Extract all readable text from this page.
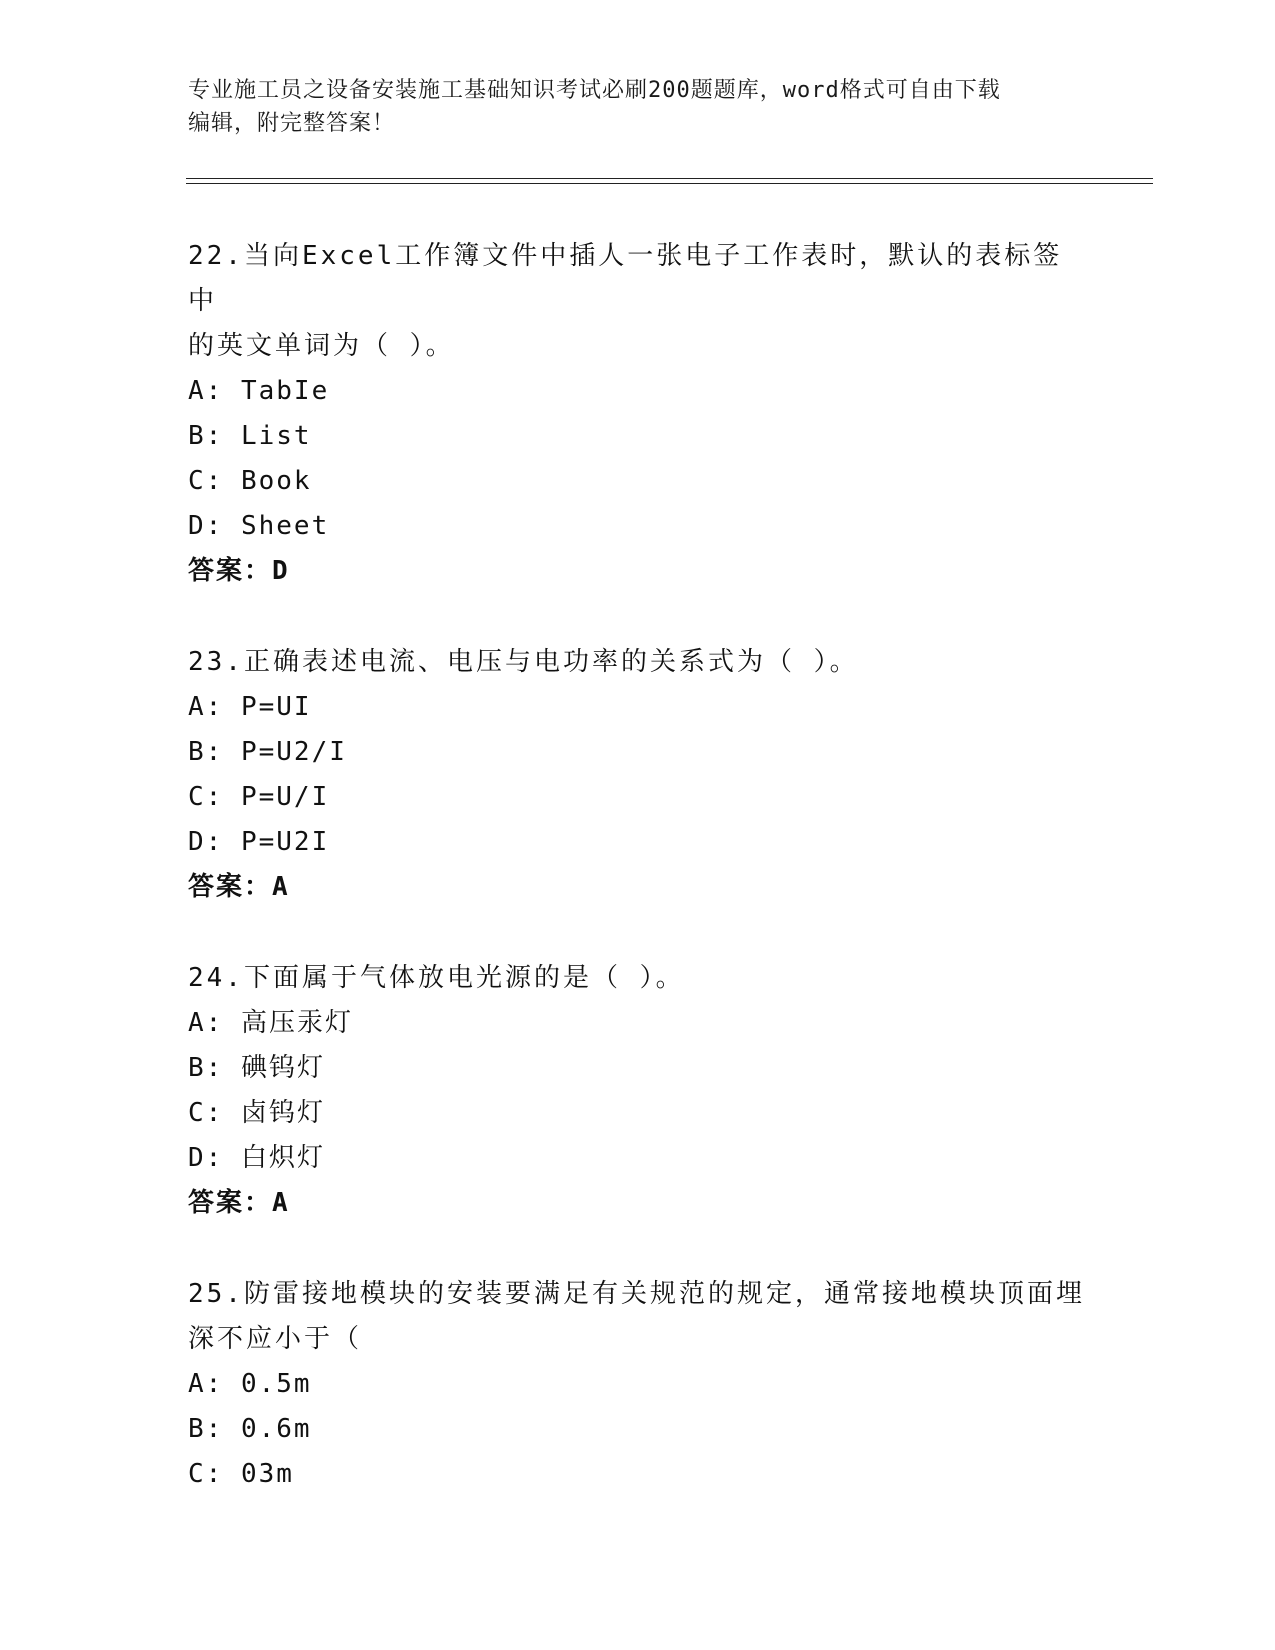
专业施工员之设备安装施工基础知识考试必刷200题题库，word格式可自由下载
编辑，附完整答案！

22.当向Excel工作簿文件中插人一张电子工作表时，默认的表标签中

的英文单词为（ ）。

A: TabIe

B: List

C: Book

D: Sheet

答案：D

23.正确表述电流、电压与电功率的关系式为（ ）。

A: P=UI

B: P=U2/I

C: P=U/I

D: P=U2I

答案：A

24.下面属于气体放电光源的是（ ）。

A: 高压汞灯

B: 碘钨灯

C: 卤钨灯

D: 白炽灯

答案：A

25.防雷接地模块的安装要满足有关规范的规定，通常接地模块顶面埋

深不应小于（

A: 0.5m

B: 0.6m

C: 03m
